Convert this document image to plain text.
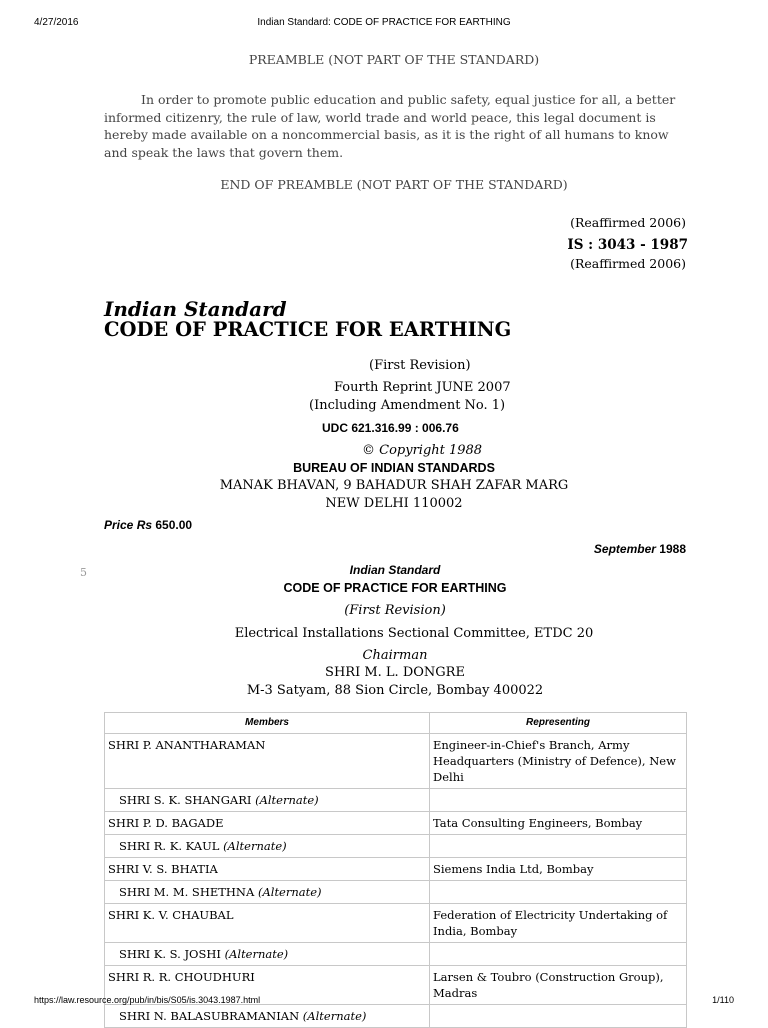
4/27/2016	Indian Standard: CODE OF PRACTICE FOR EARTHING
PREAMBLE (NOT PART OF THE STANDARD)
In order to promote public education and public safety, equal justice for all, a better informed citizenry, the rule of law, world trade and world peace, this legal document is hereby made available on a noncommercial basis, as it is the right of all humans to know and speak the laws that govern them.
END OF PREAMBLE (NOT PART OF THE STANDARD)
(Reaffirmed 2006)
IS : 3043 - 1987
(Reaffirmed 2006)
Indian Standard
CODE OF PRACTICE FOR EARTHING
(First Revision)
Fourth Reprint JUNE 2007
(Including Amendment No. 1)
UDC 621.316.99 : 006.76
© Copyright 1988
BUREAU OF INDIAN STANDARDS
MANAK BHAVAN, 9 BAHADUR SHAH ZAFAR MARG
NEW DELHI 110002
Price Rs 650.00
September 1988
5	Indian Standard
CODE OF PRACTICE FOR EARTHING
(First Revision)
Electrical Installations Sectional Committee, ETDC 20
Chairman
SHRI M. L. DONGRE
M-3 Satyam, 88 Sion Circle, Bombay 400022
Members	Representing
SHRI P. ANANTHARAMAN	Engineer-in-Chief's Branch, Army Headquarters (Ministry of Defence), New Delhi
SHRI S. K. SHANGARI (Alternate)	
SHRI P. D. BAGADE	Tata Consulting Engineers, Bombay
SHRI R. K. KAUL (Alternate)	
SHRI V. S. BHATIA	Siemens India Ltd, Bombay
SHRI M. M. SHETHNA (Alternate)	
SHRI K. V. CHAUBAL	Federation of Electricity Undertaking of India, Bombay
SHRI K. S. JOSHI (Alternate)	
SHRI R. R. CHOUDHURI	Larsen & Toubro (Construction Group), Madras
SHRI N. BALASUBRAMANIAN (Alternate)	
https://law.resource.org/pub/in/bis/S05/is.3043.1987.html	1/110
